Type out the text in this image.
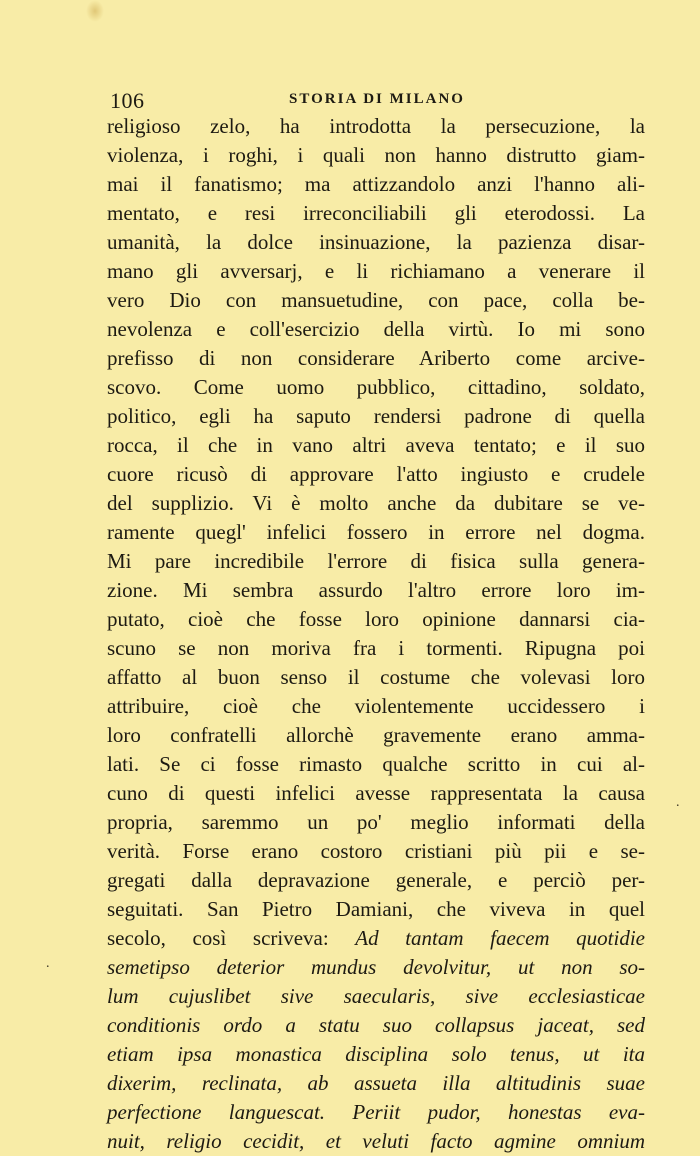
106	STORIA DI MILANO
religioso zelo, ha introdotta la persecuzione, la
violenza, i roghi, i quali non hanno distrutto giam-
mai il fanatismo; ma attizzandolo anzi l'hanno ali-
mentato, e resi irreconciliabili gli eterodossi. La
umanità, la dolce insinuazione, la pazienza disar-
mano gli avversarj, e li richiamano a venerare il
vero Dio con mansuetudine, con pace, colla be-
nevolenza e coll'esercizio della virtù. Io mi sono
prefisso di non considerare Ariberto come arcive-
scovo. Come uomo pubblico, cittadino, soldato,
politico, egli ha saputo rendersi padrone di quella
rocca, il che in vano altri aveva tentato; e il suo
cuore ricusò di approvare l'atto ingiusto e crudele
del supplizio. Vi è molto anche da dubitare se ve-
ramente quegl' infelici fossero in errore nel dogma.
Mi pare incredibile l'errore di fisica sulla genera-
zione. Mi sembra assurdo l'altro errore loro im-
putato, cioè che fosse loro opinione dannarsi cia-
scuno se non moriva fra i tormenti. Ripugna poi
affatto al buon senso il costume che volevasi loro
attribuire, cioè che violentemente uccidessero i
loro confratelli allorchè gravemente erano amma-
lati. Se ci fosse rimasto qualche scritto in cui al-
cuno di questi infelici avesse rappresentata la causa
propria, saremmo un po' meglio informati della
verità. Forse erano costoro cristiani più pii e se-
gregati dalla depravazione generale, e perciò per-
seguitati. San Pietro Damiani, che viveva in quel
secolo, così scriveva: Ad tantam faecem quotidie
semetipso deterior mundus devolvitur, ut non so-
lum cujuslibet sive saecularis, sive ecclesiasticae
conditionis ordo a statu suo collapsus jaceat, sed
etiam ipsa monastica disciplina solo tenus, ut ita
dixerim, reclinata, ab assueta illa altitudinis suae
perfectione languescat. Periit pudor, honestas eva-
nuit, religio cecidit, et veluti facto agmine omnium
.
.
